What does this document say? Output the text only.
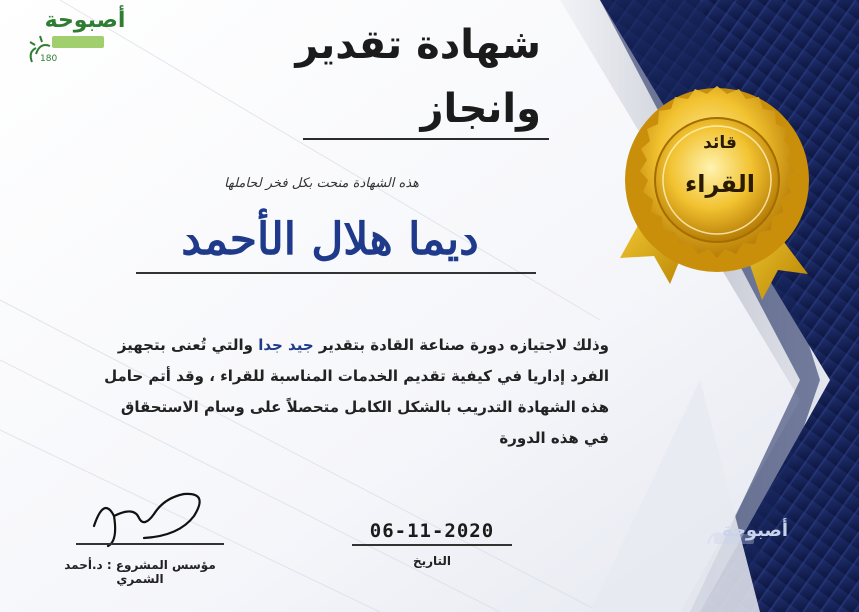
أصبوحة
180	شهادة تقدير
وانجاز
هذه الشهادة منحت بكل فخر لحاملها
ديما هلال الأحمد
وذلك لاجتيازه دورة صناعة القادة بتقدير جيد جدا والتي تُعنى بتجهيز
الفرد إداريا في كيفية تقديم الخدمات المناسبة للقراء ، وقد أتم حامل
هذه الشهادة التدريب بالشكل الكامل متحصلاً على وسام الاستحقاق
في هذه الدورة
مؤسس المشروع : د.أحمد الشمري
06-11-2020
التاريخ
قائد
القراء
أصبوحة
